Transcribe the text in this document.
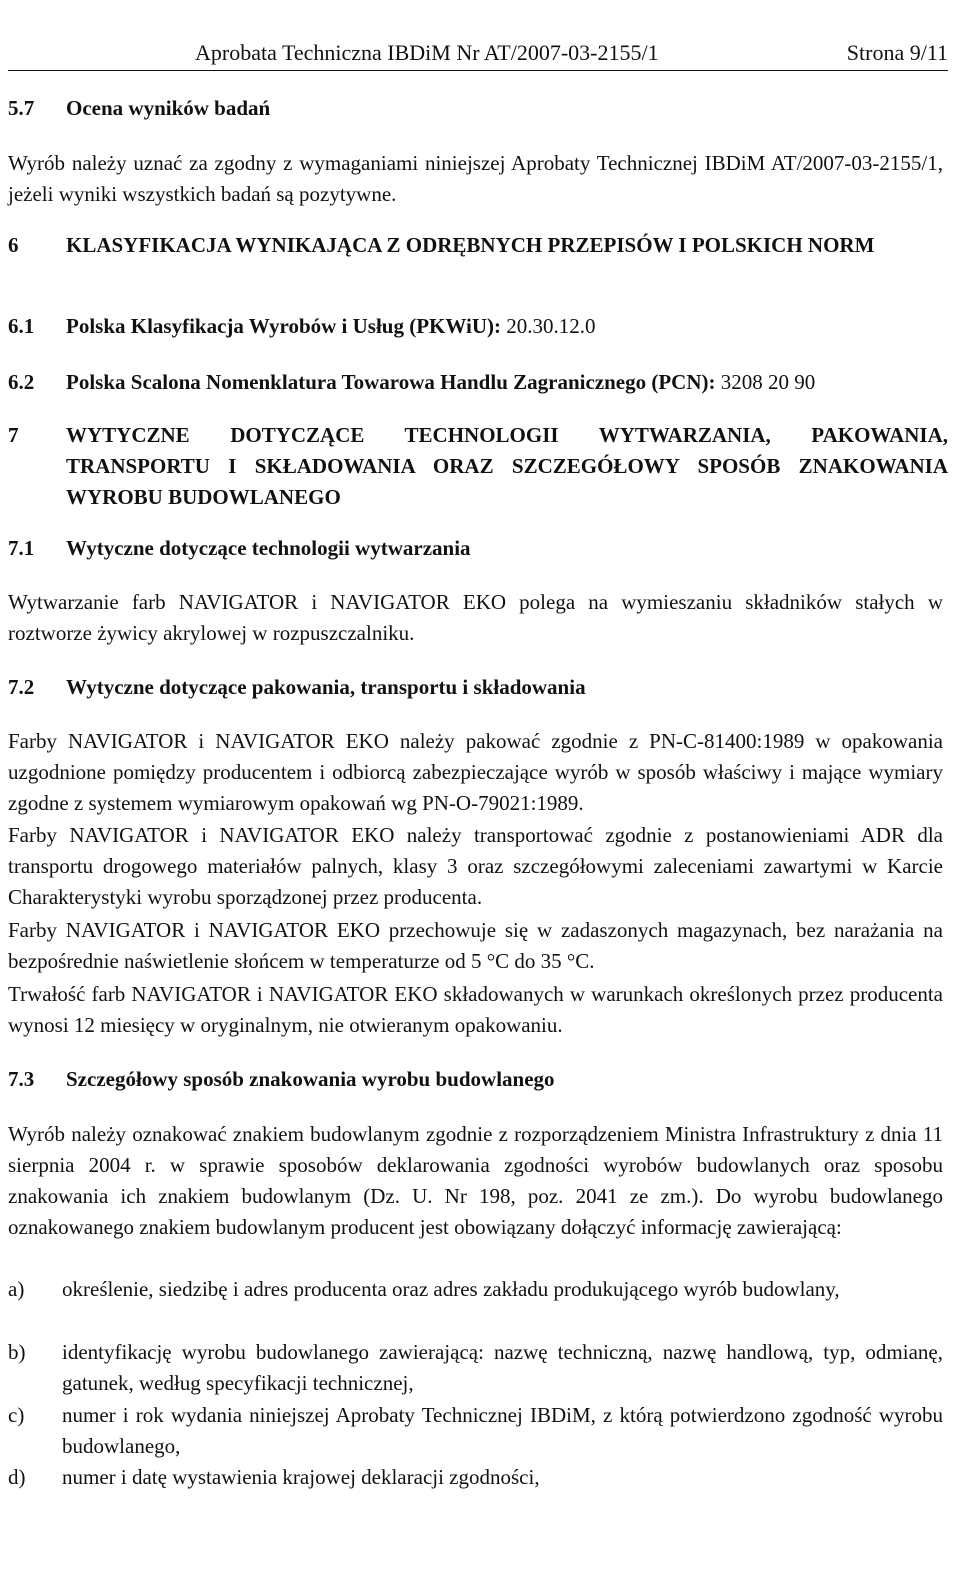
Aprobata Techniczna IBDiM Nr AT/2007-03-2155/1	Strona 9/11
5.7 Ocena wyników badań
Wyrób należy uznać za zgodny z wymaganiami niniejszej Aprobaty Technicznej IBDiM AT/2007-03-2155/1, jeżeli wyniki wszystkich badań są pozytywne.
6 KLASYFIKACJA WYNIKAJĄCA Z ODRĘBNYCH PRZEPISÓW I POLSKICH NORM
6.1 Polska Klasyfikacja Wyrobów i Usług (PKWiU): 20.30.12.0
6.2 Polska Scalona Nomenklatura Towarowa Handlu Zagranicznego (PCN): 3208 20 90
7 WYTYCZNE DOTYCZĄCE TECHNOLOGII WYTWARZANIA, PAKOWANIA, TRANSPORTU I SKŁADOWANIA ORAZ SZCZEGÓŁOWY SPOSÓB ZNAKOWANIA WYROBU BUDOWLANEGO
7.1 Wytyczne dotyczące technologii wytwarzania
Wytwarzanie farb NAVIGATOR i NAVIGATOR EKO polega na wymieszaniu składników stałych w roztworze żywicy akrylowej w rozpuszczalniku.
7.2 Wytyczne dotyczące pakowania, transportu i składowania
Farby NAVIGATOR i NAVIGATOR EKO należy pakować zgodnie z PN-C-81400:1989 w opakowania uzgodnione pomiędzy producentem i odbiorcą zabezpieczające wyrób w sposób właściwy i mające wymiary zgodne z systemem wymiarowym opakowań wg PN-O-79021:1989.
Farby NAVIGATOR i NAVIGATOR EKO należy transportować zgodnie z postanowieniami ADR dla transportu drogowego materiałów palnych, klasy 3 oraz szczegółowymi zaleceniami zawartymi w Karcie Charakterystyki wyrobu sporządzonej przez producenta.
Farby NAVIGATOR i NAVIGATOR EKO przechowuje się w zadaszonych magazynach, bez narażania na bezpośrednie naświetlenie słońcem w temperaturze od 5 °C do 35 °C.
Trwałość farb NAVIGATOR i NAVIGATOR EKO składowanych w warunkach określonych przez producenta wynosi 12 miesięcy w oryginalnym, nie otwieranym opakowaniu.
7.3 Szczegółowy sposób znakowania wyrobu budowlanego
Wyrób należy oznakować znakiem budowlanym zgodnie z rozporządzeniem Ministra Infrastruktury z dnia 11 sierpnia 2004 r. w sprawie sposobów deklarowania zgodności wyrobów budowlanych oraz sposobu znakowania ich znakiem budowlanym (Dz. U. Nr 198, poz. 2041 ze zm.). Do wyrobu budowlanego oznakowanego znakiem budowlanym producent jest obowiązany dołączyć informację zawierającą:
a) określenie, siedzibę i adres producenta oraz adres zakładu produkującego wyrób budowlany,
b) identyfikację wyrobu budowlanego zawierającą: nazwę techniczną, nazwę handlową, typ, odmianę, gatunek, według specyfikacji technicznej,
c) numer i rok wydania niniejszej Aprobaty Technicznej IBDiM, z którą potwierdzono zgodność wyrobu budowlanego,
d) numer i datę wystawienia krajowej deklaracji zgodności,
